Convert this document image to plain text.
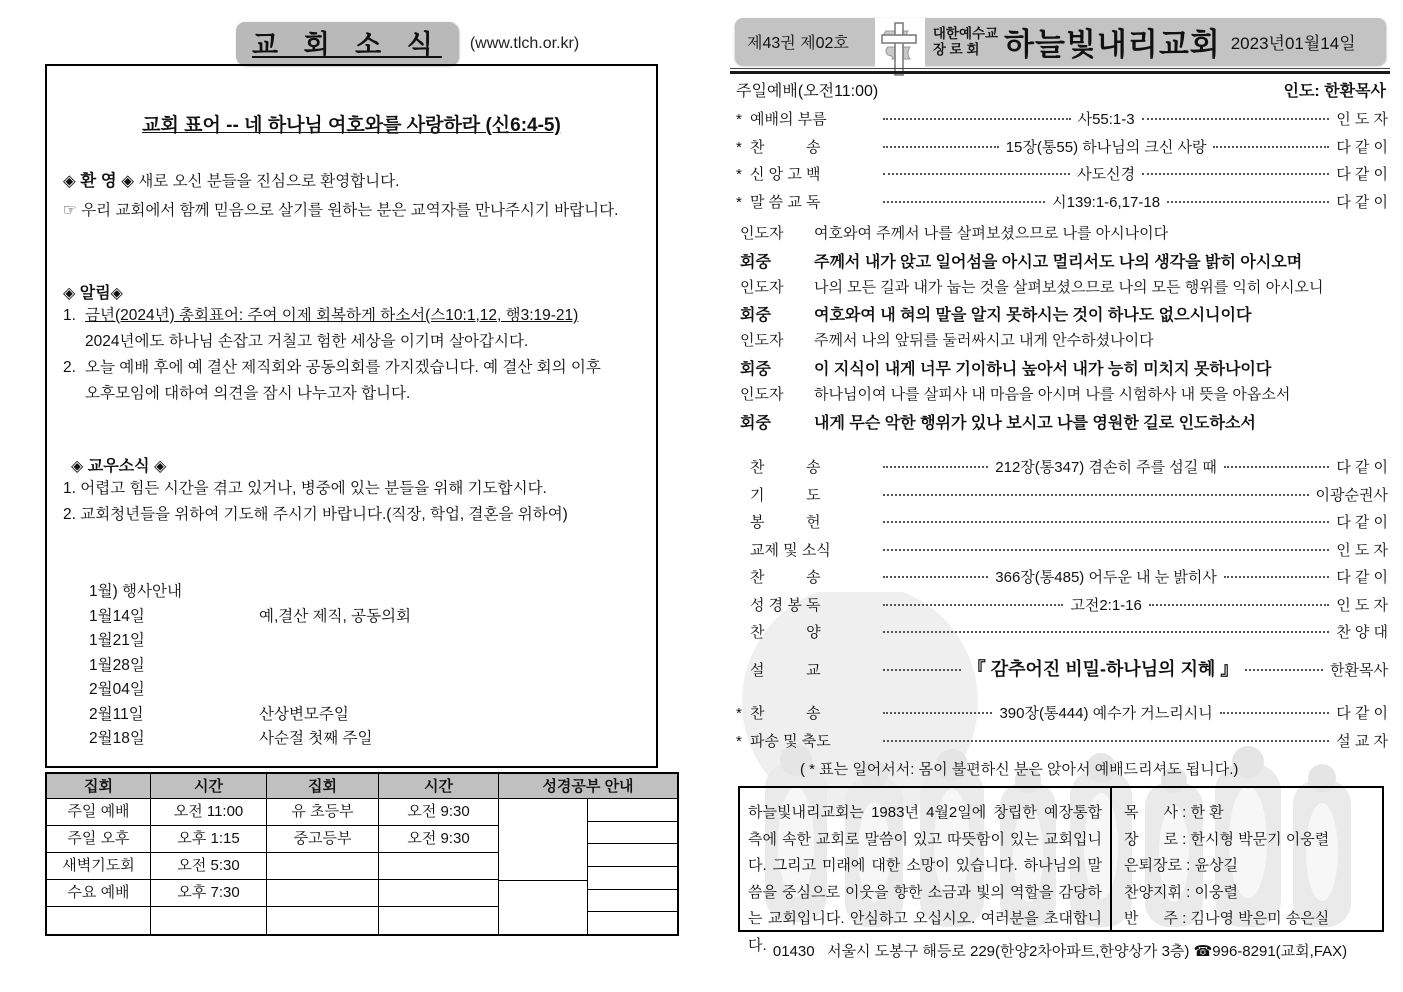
교 회 소 식	(www.tlch.or.kr)
교회 표어 -- 네 하나님 여호와를 사랑하라 (신6:4-5)
◈ 환 영 ◈ 새로 오신 분들을 진심으로 환영합니다.
☞ 우리 교회에서 함께 믿음으로 살기를 원하는 분은 교역자를 만나주시기 바랍니다.
◈ 알림◈
1. 금년(2024년) 총회표어: 주여 이제 회복하게 하소서(스10:1,12, 행3:19-21)
2024년에도 하나님 손잡고 거칠고 험한 세상을 이기며 살아갑시다.
2. 오늘 예배 후에 예 결산 제직회와 공동의회를 가지겠습니다. 예 결산 회의 이후
오후모임에 대하여 의견을 잠시 나누고자 합니다.
◈ 교우소식 ◈
1. 어렵고 힘든 시간을 겪고 있거나, 병중에 있는 분들을 위해 기도합시다.
2. 교회청년들을 위하여 기도해 주시기 바랍니다.(직장, 학업, 결혼을 위하여)
1월) 행사안내
1월14일	예,결산 제직, 공동의회
1월21일
1월28일
2월04일
2월11일	산상변모주일
2월18일	사순절 첫째 주일
집회	시간	집회	시간	성경공부 안내
주일 예배	오전 11:00	유 초등부	오전 9:30
주일 오후	오후 1:15	중고등부	오전 9:30
새벽기도회	오전 5:30
수요 예배	오후 7:30
제43권 제02호
대한예수교
장 로 회 하늘빛내리교회 2023년01월14일
주일예배(오전11:00)	인도: 한환목사
* 예배의 부름	사55:1-3	인 도 자
* 찬          송	15장(통55) 하나님의 크신 사랑	다 같 이
* 신 앙 고 백	사도신경	다 같 이
* 말 씀 교 독	시139:1-6,17-18	다 같 이
인도자	여호와여 주께서 나를 살펴보셨으므로 나를 아시나이다
회중	주께서 내가 앉고 일어섬을 아시고 멀리서도 나의 생각을 밝히 아시오며
인도자	나의 모든 길과 내가 눕는 것을 살펴보셨으므로 나의 모든 행위를 익히 아시오니
회중	여호와여 내 혀의 말을 알지 못하시는 것이 하나도 없으시니이다
인도자	주께서 나의 앞뒤를 둘러싸시고 내게 안수하셨나이다
회중	이 지식이 내게 너무 기이하니 높아서 내가 능히 미치지 못하나이다
인도자	하나님이여 나를 살피사 내 마음을 아시며 나를 시험하사 내 뜻을 아옵소서
회중	내게 무슨 악한 행위가 있나 보시고 나를 영원한 길로 인도하소서
찬          송	212장(통347) 겸손히 주를 섬길 때	다 같 이
기          도	이광순권사
봉          헌	다 같 이
교제 및 소식	인 도 자
찬          송	366장(통485) 어두운 내 눈 밝히사	다 같 이
성 경 봉 독	고전2:1-16	인 도 자
찬          양	찬 양 대
설          교	『 감추어진 비밀-하나님의 지혜 』	한환목사
* 찬          송	390장(통444) 예수가 거느리시니	다 같 이
* 파송 및 축도	설 교 자
( * 표는 일어서서: 몸이 불편하신 분은 앉아서 예배드리셔도 됩니다.)
하늘빛내리교회는 1983년 4월2일에 창립한 예장통합 측에 속한 교회로 말씀이 있고 따뜻함이 있는 교회입니다. 그리고 미래에 대한 소망이 있습니다. 하나님의 말씀을 중심으로 이웃을 향한 소금과 빛의 역할을 감당하는 교회입니다. 안심하고 오십시오. 여러분을 초대합니다.
목      사 : 한 환
장      로 : 한시형 박문기 이웅렬
은퇴장로 : 윤상길
찬양지휘 : 이웅렬
반      주 : 김나영 박은미 송은실
01430   서울시 도봉구 해등로 229(한양2차아파트,한양상가 3층) ☎996-8291(교회,FAX)
